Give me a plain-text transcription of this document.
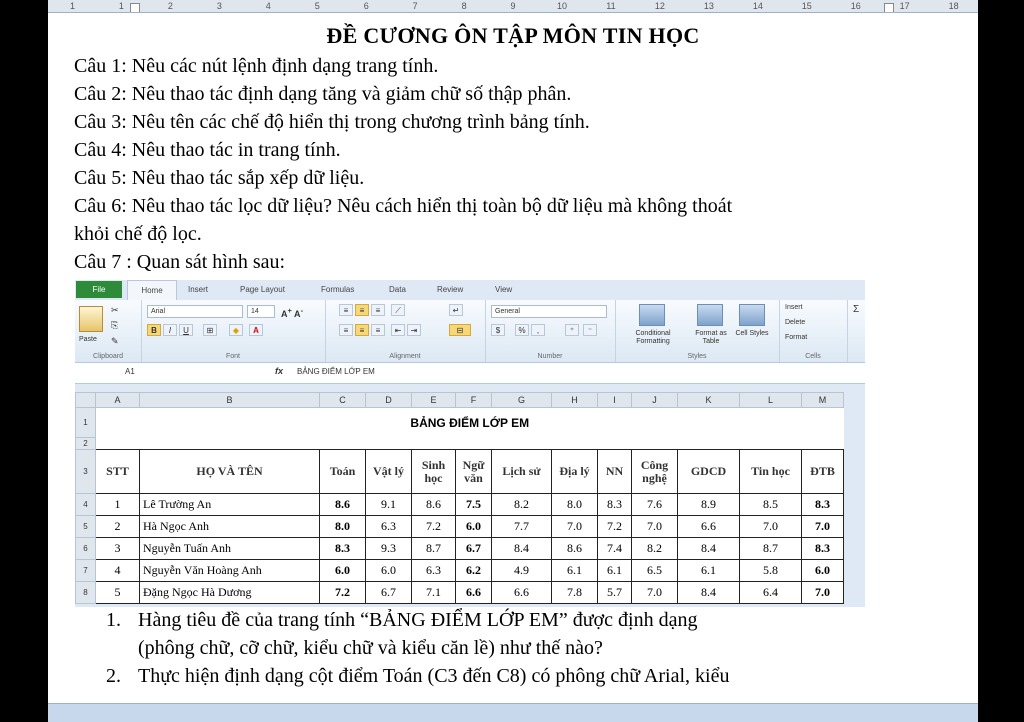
1	1	2	3	4	5	6	7	8	9	10	11	12	13	14	15	16	17	18
ĐỀ CƯƠNG ÔN TẬP MÔN TIN HỌC
Câu 1: Nêu các nút lệnh định dạng trang tính.
Câu 2: Nêu thao tác định dạng tăng và giảm chữ số thập phân.
Câu 3: Nêu tên các chế độ hiển thị trong chương trình bảng tính.
Câu 4: Nêu thao tác in trang tính.
Câu 5: Nêu thao tác sắp xếp dữ liệu.
Câu 6: Nêu thao tác lọc dữ liệu? Nêu cách hiển thị toàn bộ dữ liệu mà không thoát
khỏi chế độ lọc.
Câu 7 : Quan sát hình sau:
File	Home	Insert	Page Layout	Formulas	Data	Review	View
Paste
✂
⎘
✎
Clipboard
Arial	14	A+ A-
B	I	U	⊞	◆	A
Font
≡	≡	≡	⟋	↵
≡	≡	≡	⇤	⇥	⊟
Alignment
General
$	%	,	⁺	⁻
Number
Conditional Formatting
Format as Table
Cell Styles
Styles
Insert
Delete
Format
Cells
Σ
A1	fx BẢNG ĐIỂM LỚP EM
	A	B	C	D	E	F	G	H	I	J	K	L	M
1	BẢNG ĐIỂM LỚP EM												
2													
3	STT	HỌ VÀ TÊN	Toán	Vật lý	Sinh học	Ngữ văn	Lịch sử	Địa lý	NN	Công nghệ	GDCD	Tin học	ĐTB
4	1	Lê Trường An	8.6	9.1	8.6	7.5	8.2	8.0	8.3	7.6	8.9	8.5	8.3
5	2	Hà Ngọc Anh	8.0	6.3	7.2	6.0	7.7	7.0	7.2	7.0	6.6	7.0	7.0
6	3	Nguyễn Tuấn Anh	8.3	9.3	8.7	6.7	8.4	8.6	7.4	8.2	8.4	8.7	8.3
7	4	Nguyễn Văn Hoàng Anh	6.0	6.0	6.3	6.2	4.9	6.1	6.1	6.5	6.1	5.8	6.0
8	5	Đặng Ngọc Hà Dương	7.2	6.7	7.1	6.6	6.6	7.8	5.7	7.0	8.4	6.4	7.0
1. Hàng tiêu đề của trang tính “BẢNG ĐIỂM LỚP EM” được định dạng
(phông chữ, cỡ chữ, kiểu chữ và kiểu căn lề) như thế nào?
2. Thực hiện định dạng cột điểm Toán (C3 đến C8) có phông chữ Arial, kiểu
